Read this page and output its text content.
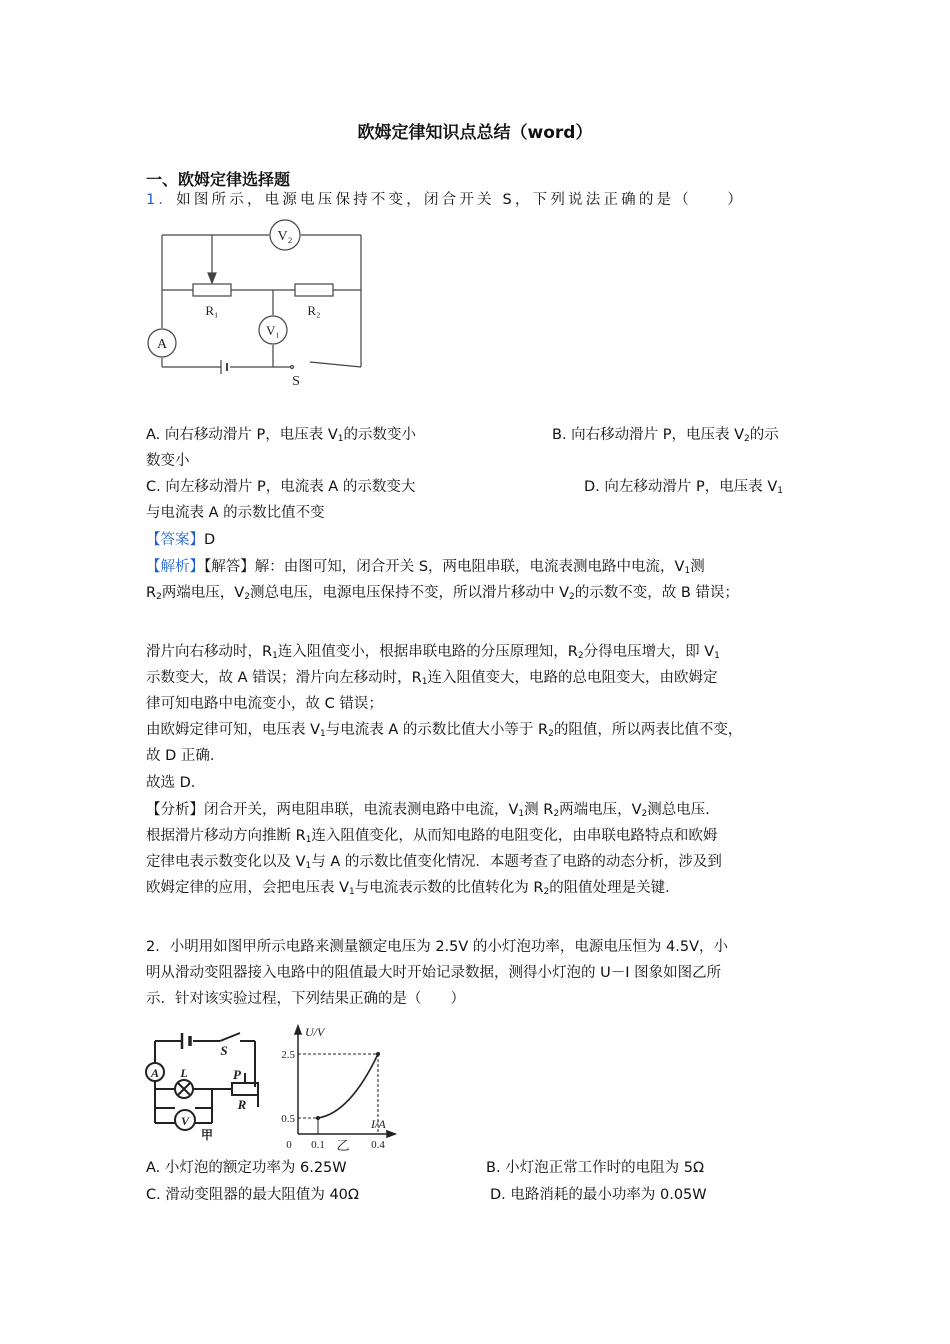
欧姆定律知识点总结（word）
一、欧姆定律选择题
1．如图所示，电源电压保持不变，闭合开关 S，下列说法正确的是（　　）
V₂
V₁
A
R₁	R₂
S
A. 向右移动滑片 P，电压表 $V_1$的示数变小	B. 向右移动滑片 P，电压表 $V_2$的示
数变小
C. 向左移动滑片 P，电流表 A 的示数变大	D. 向左移动滑片 P，电压表 $V_1$
与电流表 A 的示数比值不变
【答案】D
【解析】【解答】解：由图可知，闭合开关 S，两电阻串联，电流表测电路中电流，$V_1$测
$R_2$两端电压，$V_2$测总电压，电源电压保持不变，所以滑片移动中 $V_2$的示数不变，故 B 错误；
滑片向右移动时，$R_1$连入阻值变小，根据串联电路的分压原理知，$R_2$分得电压增大，即 $V_1$
示数变大，故 A 错误；滑片向左移动时，$R_1$连入阻值变大，电路的总电阻变大，由欧姆定
律可知电路中电流变小，故 C 错误；
由欧姆定律可知，电压表 $V_1$与电流表 A 的示数比值大小等于 $R_2$的阻值，所以两表比值不变，
故 D 正确．
故选 D．
【分析】闭合开关，两电阻串联，电流表测电路中电流，$V_1$测 $R_2$两端电压，$V_2$测总电压．
根据滑片移动方向推断 $R_1$连入阻值变化，从而知电路的电阻变化，由串联电路特点和欧姆
定律电表示数变化以及 $V_1$与 A 的示数比值变化情况．本题考查了电路的动态分析，涉及到
欧姆定律的应用，会把电压表 $V_1$与电流表示数的比值转化为 $R_2$的阻值处理是关键．
2．小明用如图甲所示电路来测量额定电压为 2.5V 的小灯泡功率，电源电压恒为 4.5V，小
明从滑动变阻器接入电路中的阻值最大时开始记录数据，测得小灯泡的 U－I 图象如图乙所
示．针对该实验过程，下列结果正确的是（　　）
A
V
L
S
P
R
甲
0.5
2.5
0.1	0.4
U/V
I/A
0	乙
A. 小灯泡的额定功率为 6.25W	B. 小灯泡正常工作时的电阻为 5Ω
C. 滑动变阻器的最大阻值为 40Ω	D. 电路消耗的最小功率为 0.05W
